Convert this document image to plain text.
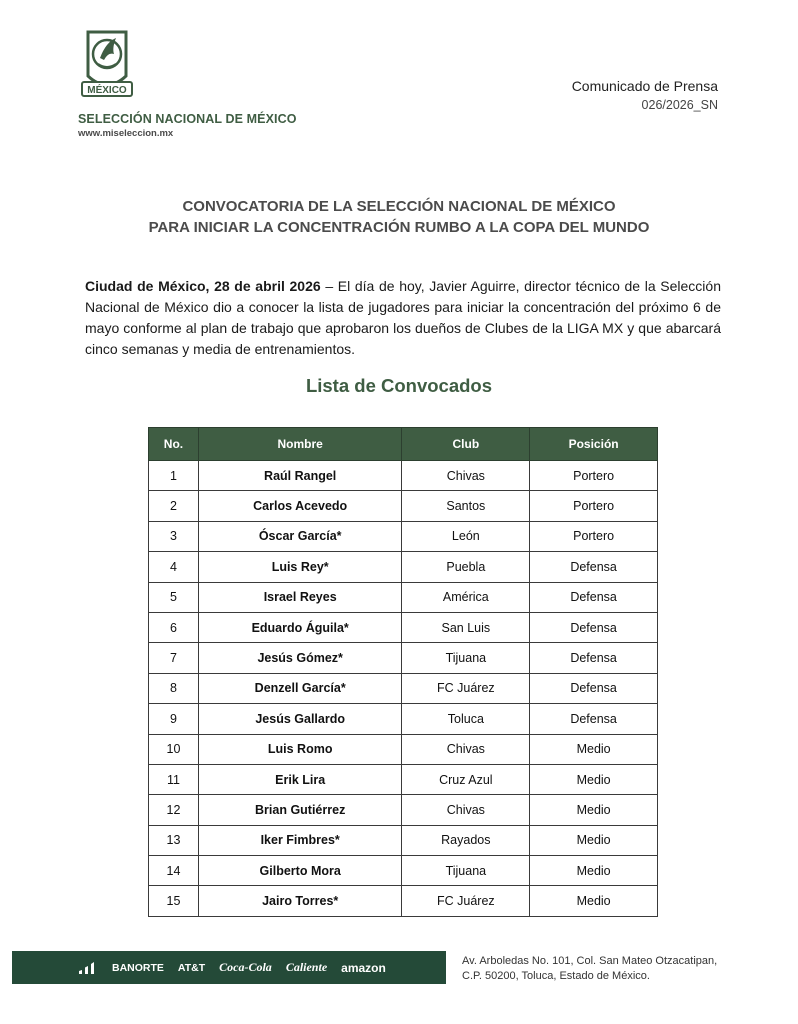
MÉXICO
SELECCIÓN NACIONAL DE MÉXICO
www.miseleccion.mx
Comunicado de Prensa
026/2026_SN
CONVOCATORIA DE LA SELECCIÓN NACIONAL DE MÉXICO
PARA INICIAR LA CONCENTRACIÓN RUMBO A LA COPA DEL MUNDO

Ciudad de México, 28 de abril 2026 – El día de hoy, Javier Aguirre, director técnico de la Selección Nacional de México dio a conocer la lista de jugadores para iniciar la concentración del próximo 6 de mayo conforme al plan de trabajo que aprobaron los dueños de Clubes de la LIGA MX y que abarcará cinco semanas y media de entrenamientos.

Lista de Convocados
No.	Nombre	Club	Posición
1	Raúl Rangel	Chivas	Portero
2	Carlos Acevedo	Santos	Portero
3	Óscar García*	León	Portero
4	Luis Rey*	Puebla	Defensa
5	Israel Reyes	América	Defensa
6	Eduardo Águila*	San Luis	Defensa
7	Jesús Gómez*	Tijuana	Defensa
8	Denzell García*	FC Juárez	Defensa
9	Jesús Gallardo	Toluca	Defensa
10	Luis Romo	Chivas	Medio
11	Erik Lira	Cruz Azul	Medio
12	Brian Gutiérrez	Chivas	Medio
13	Iker Fimbres*	Rayados	Medio
14	Gilberto Mora	Tijuana	Medio
15	Jairo Torres*	FC Juárez	Medio
BANORTE AT&T Coca-Cola Caliente amazon	Av. Arboledas No. 101, Col. San Mateo Otzacatipan,
C.P. 50200, Toluca, Estado de México.
